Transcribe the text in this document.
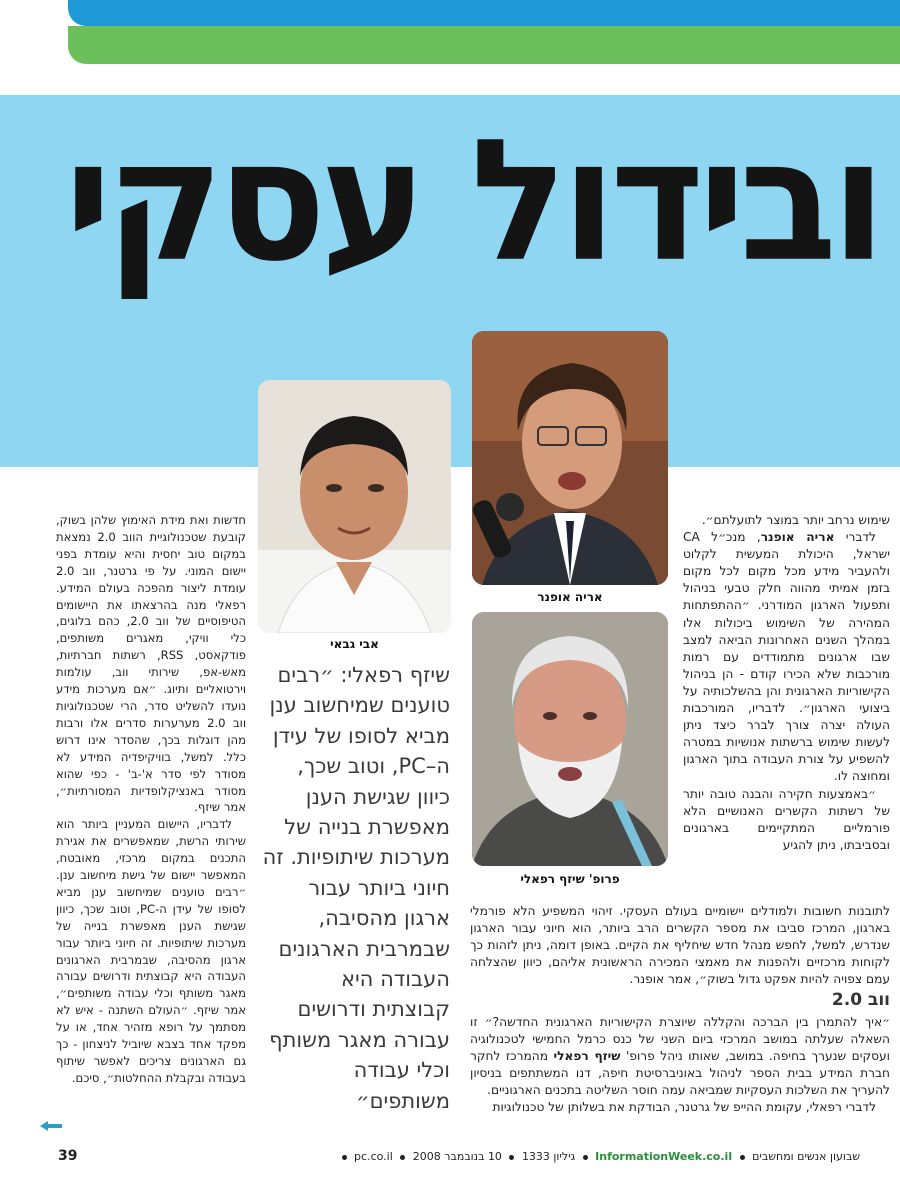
ובידול עסקי
אבי גבאי
אריה אופנר
פרופ' שיזף רפאלי

שימוש נרחב יותר במוצר לתועלתם״.

לדברי אריה אופנר, מנכ״ל CA ישראל, היכולת המעשית לקלוט ולהעביר מידע מכל מקום לכל מקום בזמן אמיתי מהווה חלק טבעי בניהול ותפעול הארגון המודרני. ״ההתפתחות המהירה של השימוש ביכולות אלו במהלך השנים האחרונות הביאה למצב שבו ארגונים מתמודדים עם רמות מורכבות שלא הכירו קודם - הן בניהול הקישוריות הארגונית והן בהשלכותיה על ביצועי הארגון״. לדבריו, המורכבות העולה יצרה צורך לברר כיצד ניתן לעשות שימוש ברשתות אנושיות במטרה להשפיע על צורת העבודה בתוך הארגון ומחוצה לו.

״באמצעות חקירה והבנה טובה יותר של רשתות הקשרים האנושיים הלא פורמליים המתקיימים בארגונים ובסביבתו, ניתן להגיע

לתובנות חשובות ולמודלים יישומיים בעולם העסקי. זיהוי המשפיע הלא פורמלי בארגון, המרכז סביבו את מספר הקשרים הרב ביותר, הוא חיוני עבור הארגון שנדרש, למשל, לחפש מנהל חדש שיחליף את הקיים. באופן דומה, ניתן לזהות כך לקוחות מרכזיים ולהפנות את מאמצי המכירה הראשונית אליהם, כיוון שהצלחה עמם צפויה להיות אפקט גדול בשוק״, אמר אופנר.
ווב 2.0

״איך להתמרן בין הברכה והקללה שיוצרת הקישוריות הארגונית החדשה?״ זו השאלה שעלתה במושב המרכזי ביום השני של כנס כרמל החמישי לטכנולוגיה ועסקים שנערך בחיפה. במושב, שאותו ניהל פרופ' שיזף רפאלי מהמרכז לחקר חברת המידע בבית הספר לניהול באוניברסיטת חיפה, דנו המשתתפים בניסיון להעריך את השלכות העסקיות שמביאה עמה חוסר השליטה בתכנים הארגוניים.

לדברי רפאלי, עקומת ההייפ של גרטנר, הבודקת את בשלותן של טכנולוגיות

שיזף רפאלי: ״רבים טוענים שמיחשוב ענן מביא לסופו של עידן ה–PC, וטוב שכך, כיוון שגישת הענן מאפשרת בנייה של מערכות שיתופיות. זה חיוני ביותר עבור ארגון מהסיבה, שבמרבית הארגונים העבודה היא קבוצתית ודרושים עבורה מאגר משותף וכלי עבודה משותפים״

חדשות ואת מידת האימוץ שלהן בשוק, קובעת שטכנולוגיית הווב 2.0 נמצאת במקום טוב יחסית והיא עומדת בפני יישום המוני. על פי גרטנר, ווב 2.0 עומדת ליצור מהפכה בעולם המידע. רפאלי מנה בהרצאתו את היישומים הטיפוסיים של ווב 2.0, כהם בלוגים, כלי וויקי, מאגרים משותפים, פודקאסט, RSS, רשתות חברתיות, מאש-אפ, שירותי ווב, עולמות וירטואליים ותיוג. ״אם מערכות מידע נועדו להשליט סדר, הרי שטכנולוגיות ווב 2.0 מערערות סדרים אלו ורבות מהן דוגלות בכך, שהסדר אינו דרוש כלל. למשל, בוויקיפדיה המידע לא מסודר לפי סדר א'-ב' - כפי שהוא מסודר באנציקלופדיות המסורתיות״, אמר שיזף.

לדבריו, היישום המעניין ביותר הוא שירותי הרשת, שמאפשרים את אגירת התכנים במקום מרכזי, מאובטח, המאפשר יישום של גישת מיחשוב ענן. ״רבים טוענים שמיחשוב ענן מביא לסופו של עידן ה-PC, וטוב שכך, כיוון שגישת הענן מאפשרת בנייה של מערכות שיתופיות. זה חיוני ביותר עבור ארגון מהסיבה, שבמרבית הארגונים העבודה היא קבוצתית ודרושים עבורה מאגר משותף וכלי עבודה משותפים״, אמר שיזף. ״העולם השתנה - איש לא מסתמך על רופא מזהיר אחד, או על מפקד אחד בצבא שיוביל לניצחון - כך גם הארגונים צריכים לאפשר שיתוף בעבודה ובקבלת ההחלטות״, סיכם.

39	שבועון אנשים ומחשבים  InformationWeek.co.il  גיליון 1333  10 בנובמבר 2008  pc.co.il
